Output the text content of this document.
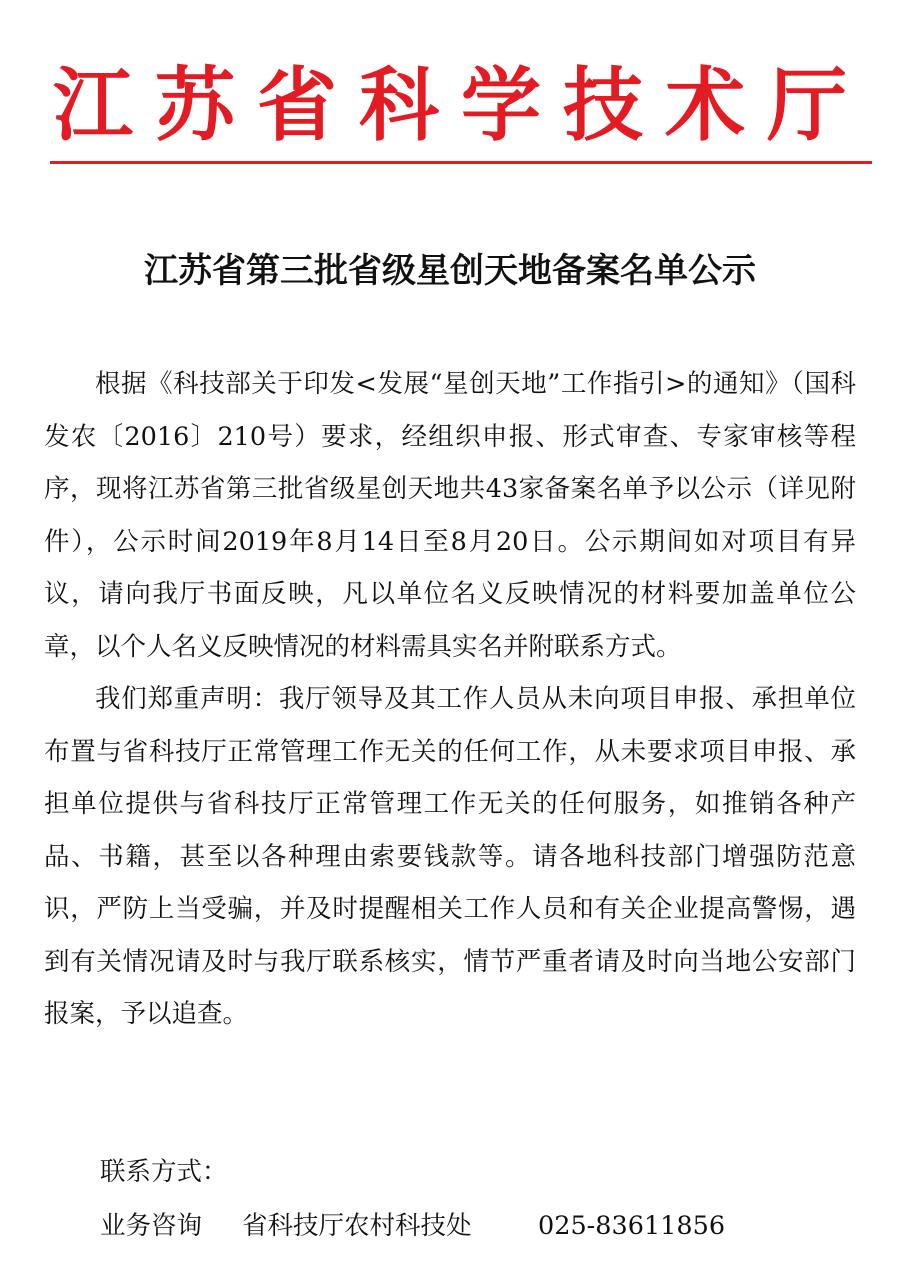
江苏省科学技术厅
江苏省第三批省级星创天地备案名单公示

根据《科技部关于印发<发展“星创天地”工作指引>的通知》（国科发农〔2016〕210号）要求，经组织申报、形式审查、专家审核等程序，现将江苏省第三批省级星创天地共43家备案名单予以公示（详见附件），公示时间2019年8月14日至8月20日。公示期间如对项目有异议，请向我厅书面反映，凡以单位名义反映情况的材料要加盖单位公章，以个人名义反映情况的材料需具实名并附联系方式。

我们郑重声明：我厅领导及其工作人员从未向项目申报、承担单位布置与省科技厅正常管理工作无关的任何工作，从未要求项目申报、承担单位提供与省科技厅正常管理工作无关的任何服务，如推销各种产品、书籍，甚至以各种理由索要钱款等。请各地科技部门增强防范意识，严防上当受骗，并及时提醒相关工作人员和有关企业提高警惕，遇到有关情况请及时与我厅联系核实，情节严重者请及时向当地公安部门报案，予以追查。

联系方式：
业务咨询 省科技厅农村科技处	025-83611856
